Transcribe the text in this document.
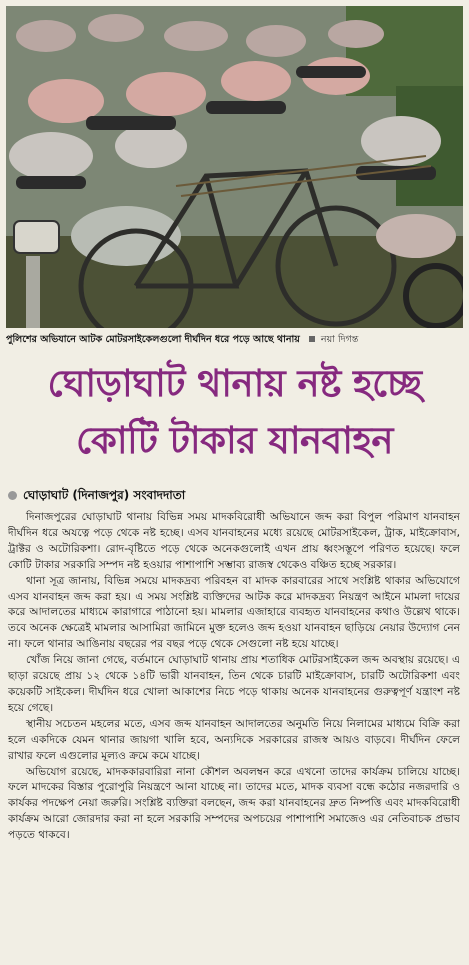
পুলিশের অভিযানে আটক মোটরসাইকেলগুলো দীর্ঘদিন ধরে পড়ে আছে থানায় নয়া দিগন্ত
ঘোড়াঘাট থানায় নষ্ট হচ্ছে
কোটি টাকার যানবাহন
ঘোড়াঘাট (দিনাজপুর) সংবাদদাতা

দিনাজপুরের ঘোড়াঘাট থানায় বিভিন্ন সময় মাদকবিরোধী অভিযানে জব্দ করা বিপুল পরিমাণ যানবাহন দীর্ঘদিন ধরে অযত্নে পড়ে থেকে নষ্ট হচ্ছে। এসব যানবাহনের মধ্যে রয়েছে মোটরসাইকেল, ট্রাক, মাইক্রোবাস, ট্রাক্টর ও অটোরিকশা। রোদ-বৃষ্টিতে পড়ে থেকে অনেকগুলোই এখন প্রায় ধ্বংসস্তূপে পরিণত হয়েছে। ফলে কোটি টাকার সরকারি সম্পদ নষ্ট হওয়ার পাশাপাশি সম্ভাব্য রাজস্ব থেকেও বঞ্চিত হচ্ছে সরকার।

থানা সূত্র জানায়, বিভিন্ন সময়ে মাদকদ্রব্য পরিবহন বা মাদক কারবারের সাথে সংশ্লিষ্ট থাকার অভিযোগে এসব যানবাহন জব্দ করা হয়। এ সময় সংশ্লিষ্ট ব্যক্তিদের আটক করে মাদকদ্রব্য নিয়ন্ত্রণ আইনে মামলা দায়ের করে আদালতের মাধ্যমে কারাগারে পাঠানো হয়। মামলার এজাহারে ব্যবহৃত যানবাহনের কথাও উল্লেখ থাকে। তবে অনেক ক্ষেত্রেই মামলার আসামিরা জামিনে মুক্ত হলেও জব্দ হওয়া যানবাহন ছাড়িয়ে নেয়ার উদ্যোগ নেন না। ফলে থানার আঙিনায় বছরের পর বছর পড়ে থেকে সেগুলো নষ্ট হয়ে যাচ্ছে।

খোঁজ নিয়ে জানা গেছে, বর্তমানে ঘোড়াঘাট থানায় প্রায় শতাধিক মোটরসাইকেল জব্দ অবস্থায় রয়েছে। এ ছাড়া রয়েছে প্রায় ১২ থেকে ১৪টি ভারী যানবাহন, তিন থেকে চারটি মাইক্রোবাস, চারটি অটোরিকশা এবং কয়েকটি সাইকেল। দীর্ঘদিন ধরে খোলা আকাশের নিচে পড়ে থাকায় অনেক যানবাহনের গুরুত্বপূর্ণ যন্ত্রাংশ নষ্ট হয়ে গেছে।

স্থানীয় সচেতন মহলের মতে, এসব জব্দ যানবাহন আদালতের অনুমতি নিয়ে নিলামের মাধ্যমে বিক্রি করা হলে একদিকে যেমন থানার জায়গা খালি হবে, অন্যদিকে সরকারের রাজস্ব আয়ও বাড়বে। দীর্ঘদিন ফেলে রাখার ফলে এগুলোর মূল্যও ক্রমে কমে যাচ্ছে।

অভিযোগ রয়েছে, মাদককারবারিরা নানা কৌশল অবলম্বন করে এখনো তাদের কার্যক্রম চালিয়ে যাচ্ছে। ফলে মাদকের বিস্তার পুরোপুরি নিয়ন্ত্রণে আনা যাচ্ছে না। তাদের মতে, মাদক ব্যবসা বন্ধে কঠোর নজরদারি ও কার্যকর পদক্ষেপ নেয়া জরুরি। সংশ্লিষ্ট ব্যক্তিরা বলছেন, জব্দ করা যানবাহনের দ্রুত নিষ্পত্তি এবং মাদকবিরোধী কার্যক্রম আরো জোরদার করা না হলে সরকারি সম্পদের অপচয়ের পাশাপাশি সমাজেও এর নেতিবাচক প্রভাব পড়তে থাকবে।
